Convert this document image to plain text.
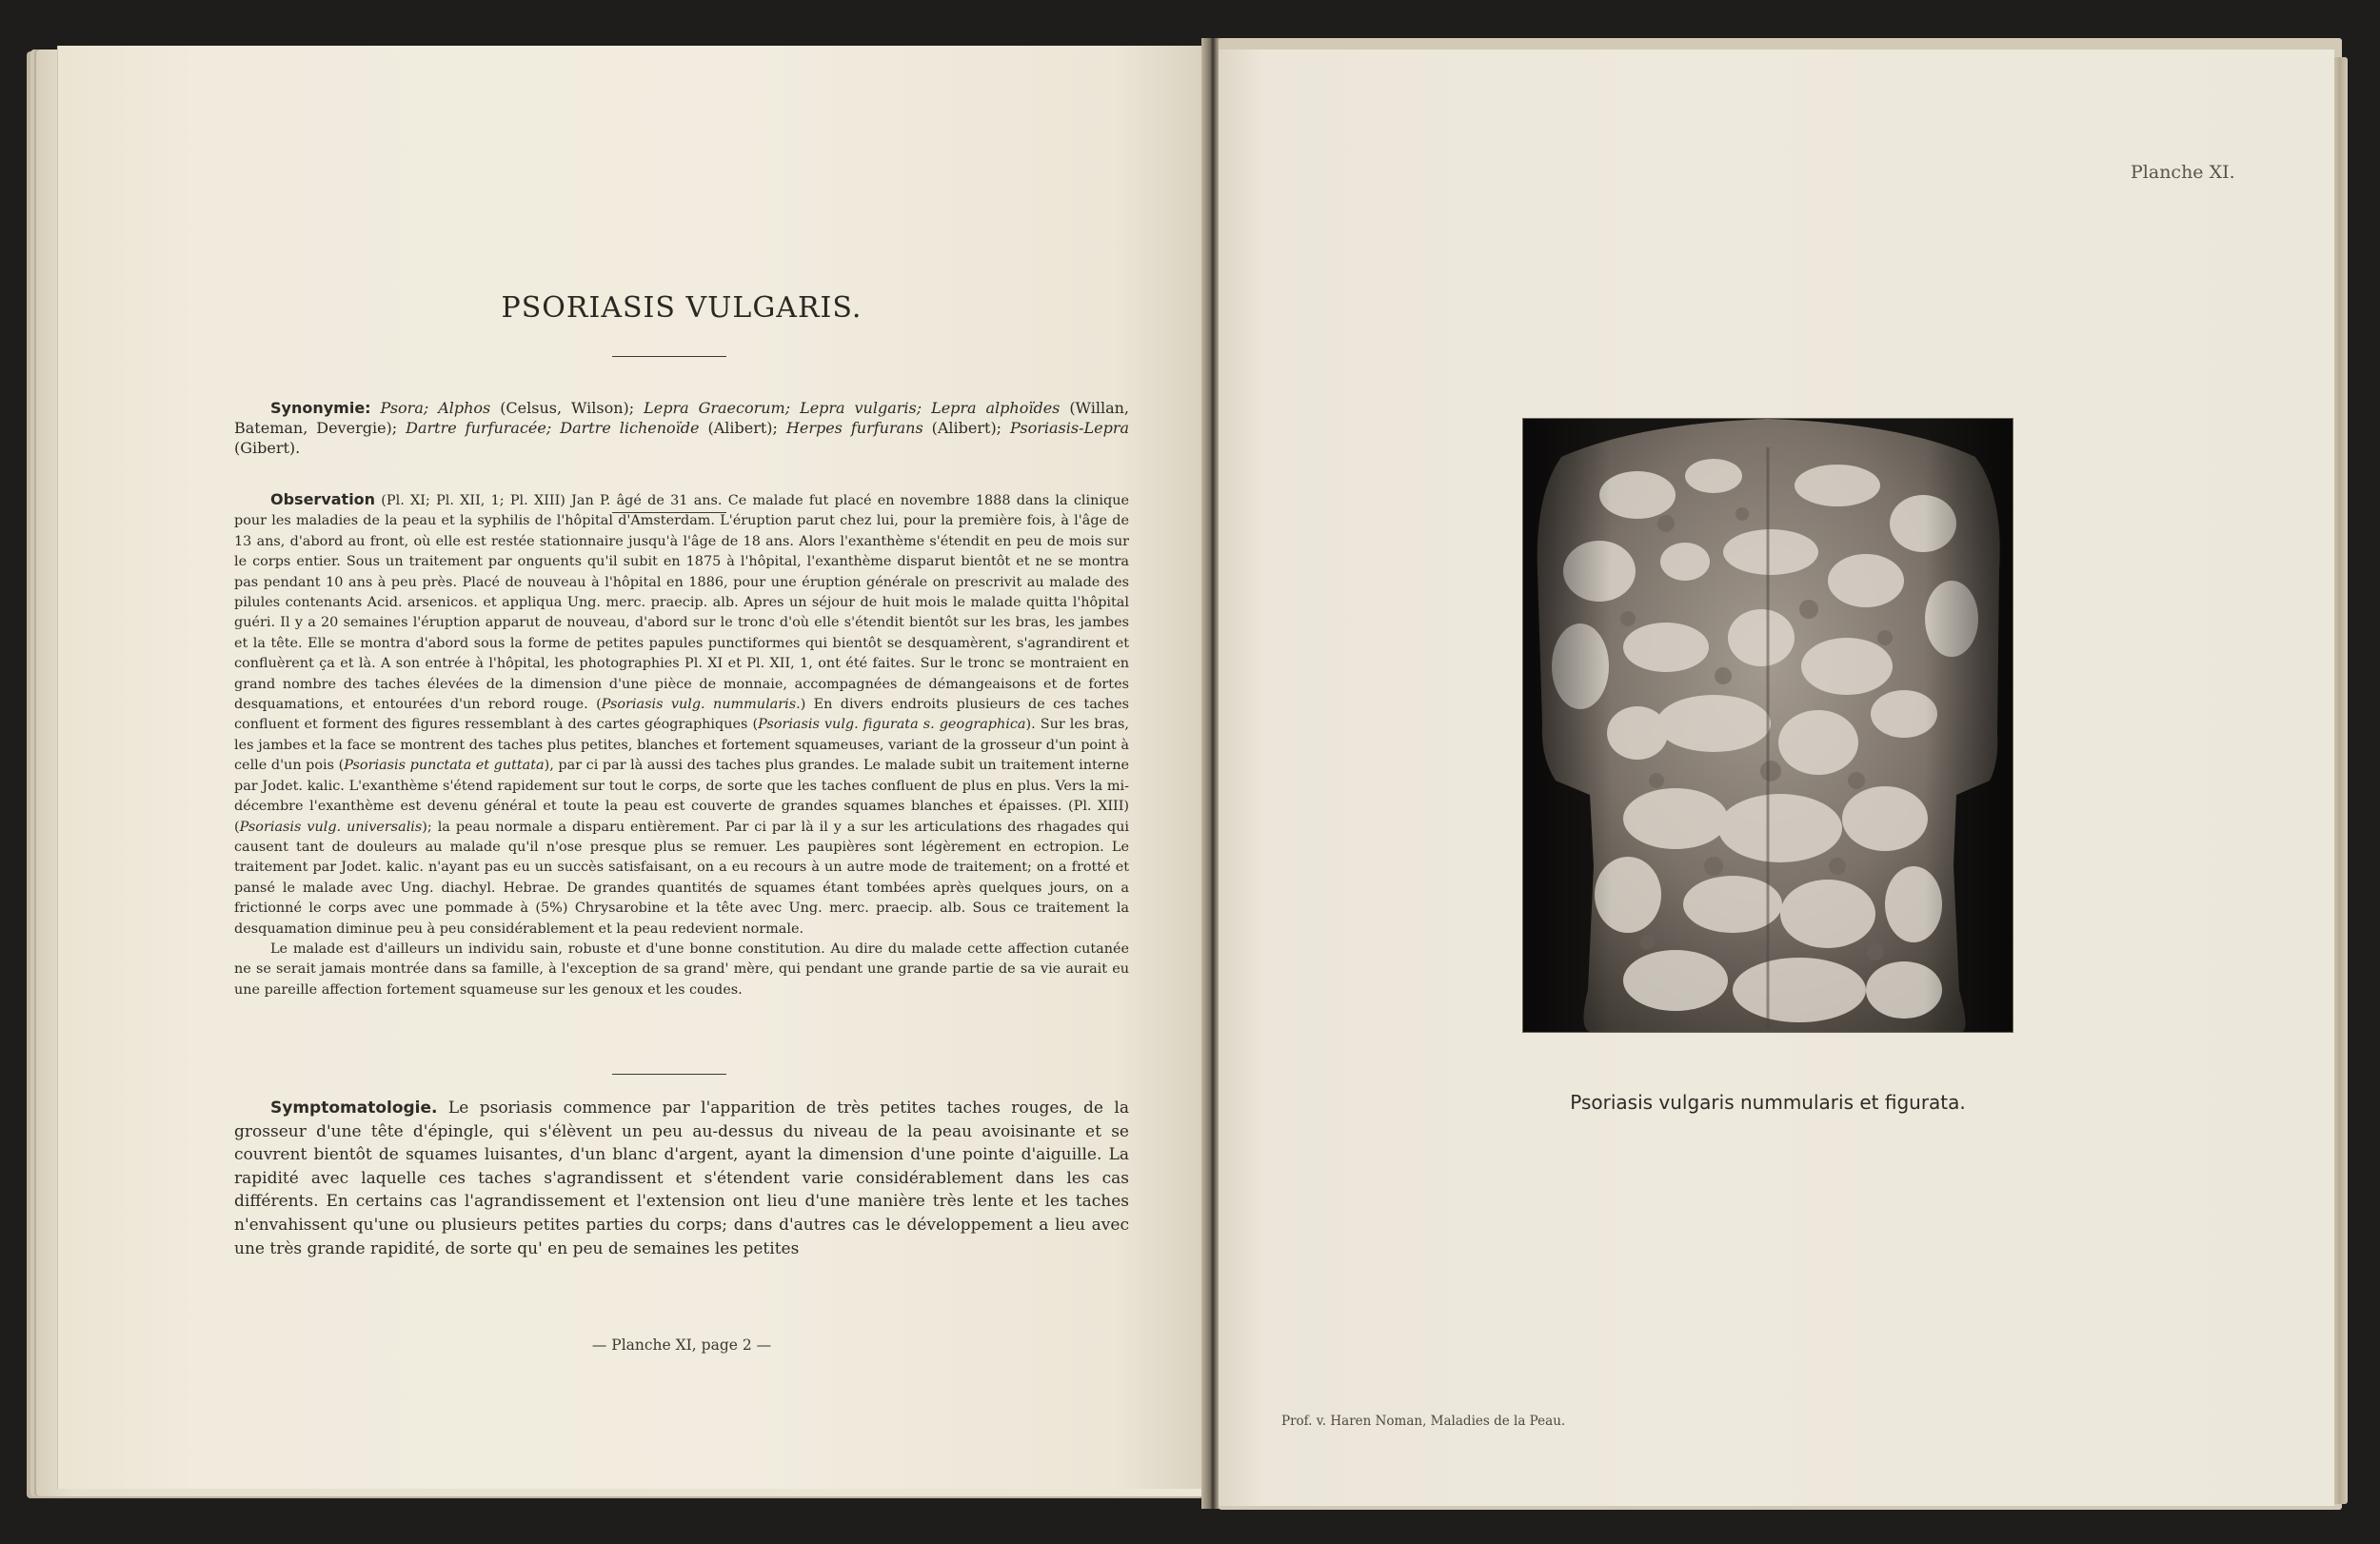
PSORIASIS VULGARIS.
Synonymie: Psora; Alphos (Celsus, Wilson); Lepra Graecorum; Lepra vulgaris; Lepra alphoïdes (Willan, Bateman, Devergie); Dartre furfuracée; Dartre lichenoïde (Alibert); Herpes furfurans (Alibert); Psoriasis-Lepra (Gibert).

Observation (Pl. XI; Pl. XII, 1; Pl. XIII) Jan P. âgé de 31 ans. Ce malade fut placé en novembre 1888 dans la clinique pour les maladies de la peau et la syphilis de l'hôpital d'Amsterdam. L'éruption parut chez lui, pour la première fois, à l'âge de 13 ans, d'abord au front, où elle est restée stationnaire jusqu'à l'âge de 18 ans. Alors l'exanthème s'étendit en peu de mois sur le corps entier. Sous un traitement par onguents qu'il subit en 1875 à l'hôpital, l'exanthème disparut bientôt et ne se montra pas pendant 10 ans à peu près. Placé de nouveau à l'hôpital en 1886, pour une éruption générale on prescrivit au malade des pilules contenants Acid. arsenicos. et appliqua Ung. merc. praecip. alb. Apres un séjour de huit mois le malade quitta l'hôpital guéri. Il y a 20 semaines l'éruption apparut de nouveau, d'abord sur le tronc d'où elle s'étendit bientôt sur les bras, les jambes et la tête. Elle se montra d'abord sous la forme de petites papules punctiformes qui bientôt se desquamèrent, s'agrandirent et confluèrent ça et là. A son entrée à l'hôpital, les photographies Pl. XI et Pl. XII, 1, ont été faites. Sur le tronc se montraient en grand nombre des taches élevées de la dimension d'une pièce de monnaie, accompagnées de démangeaisons et de fortes desquamations, et entourées d'un rebord rouge. (Psoriasis vulg. nummularis.) En divers endroits plusieurs de ces taches confluent et forment des figures ressemblant à des cartes géographiques (Psoriasis vulg. figurata s. geographica). Sur les bras, les jambes et la face se montrent des taches plus petites, blanches et fortement squameuses, variant de la grosseur d'un point à celle d'un pois (Psoriasis punctata et guttata), par ci par là aussi des taches plus grandes. Le malade subit un traitement interne par Jodet. kalic. L'exanthème s'étend rapidement sur tout le corps, de sorte que les taches confluent de plus en plus. Vers la mi-décembre l'exanthème est devenu général et toute la peau est couverte de grandes squames blanches et épaisses. (Pl. XIII) (Psoriasis vulg. universalis); la peau normale a disparu entièrement. Par ci par là il y a sur les articulations des rhagades qui causent tant de douleurs au malade qu'il n'ose presque plus se remuer. Les paupières sont légèrement en ectropion. Le traitement par Jodet. kalic. n'ayant pas eu un succès satisfaisant, on a eu recours à un autre mode de traitement; on a frotté et pansé le malade avec Ung. diachyl. Hebrae. De grandes quantités de squames étant tombées après quelques jours, on a frictionné le corps avec une pommade à (5%) Chrysarobine et la tête avec Ung. merc. praecip. alb. Sous ce traitement la desquamation diminue peu à peu considérablement et la peau redevient normale.

Le malade est d'ailleurs un individu sain, robuste et d'une bonne constitution. Au dire du malade cette affection cutanée ne se serait jamais montrée dans sa famille, à l'exception de sa grand' mère, qui pendant une grande partie de sa vie aurait eu une pareille affection fortement squameuse sur les genoux et les coudes.

Symptomatologie. Le psoriasis commence par l'apparition de très petites taches rouges, de la grosseur d'une tête d'épingle, qui s'élèvent un peu au-dessus du niveau de la peau avoisinante et se couvrent bientôt de squames luisantes, d'un blanc d'argent, ayant la dimension d'une pointe d'aiguille. La rapidité avec laquelle ces taches s'agrandissent et s'étendent varie considérablement dans les cas différents. En certains cas l'agrandissement et l'extension ont lieu d'une manière très lente et les taches n'envahissent qu'une ou plusieurs petites parties du corps; dans d'autres cas le développement a lieu avec une très grande rapidité, de sorte qu' en peu de semaines les petites
— Planche XI, page 2 —
Planche XI.
Psoriasis vulgaris nummularis et figurata.
Prof. v. Haren Noman, Maladies de la Peau.
